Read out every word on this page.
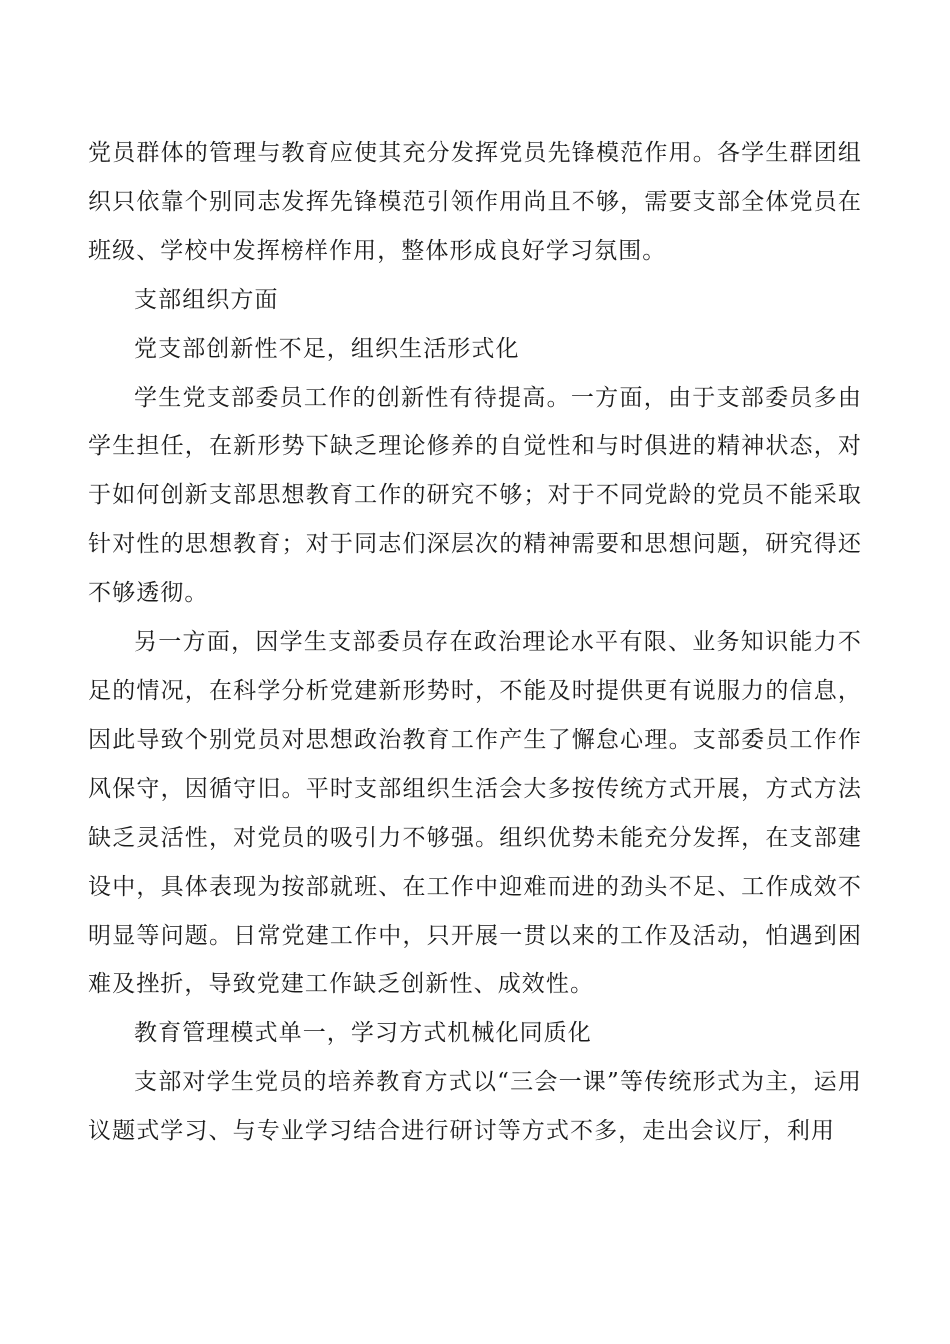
党员群体的管理与教育应使其充分发挥党员先锋模范作用。各学生群团组织只依靠个别同志发挥先锋模范引领作用尚且不够，需要支部全体党员在班级、学校中发挥榜样作用，整体形成良好学习氛围。

支部组织方面

党支部创新性不足，组织生活形式化

学生党支部委员工作的创新性有待提高。一方面，由于支部委员多由学生担任，在新形势下缺乏理论修养的自觉性和与时俱进的精神状态，对于如何创新支部思想教育工作的研究不够；对于不同党龄的党员不能采取针对性的思想教育；对于同志们深层次的精神需要和思想问题，研究得还不够透彻。

另一方面，因学生支部委员存在政治理论水平有限、业务知识能力不足的情况，在科学分析党建新形势时，不能及时提供更有说服力的信息，因此导致个别党员对思想政治教育工作产生了懈怠心理。支部委员工作作风保守，因循守旧。平时支部组织生活会大多按传统方式开展，方式方法缺乏灵活性，对党员的吸引力不够强。组织优势未能充分发挥，在支部建设中，具体表现为按部就班、在工作中迎难而进的劲头不足、工作成效不明显等问题。日常党建工作中，只开展一贯以来的工作及活动，怕遇到困难及挫折，导致党建工作缺乏创新性、成效性。

教育管理模式单一，学习方式机械化同质化

支部对学生党员的培养教育方式以“三会一课”等传统形式为主，运用议题式学习、与专业学习结合进行研讨等方式不多，走出会议厅，利用
